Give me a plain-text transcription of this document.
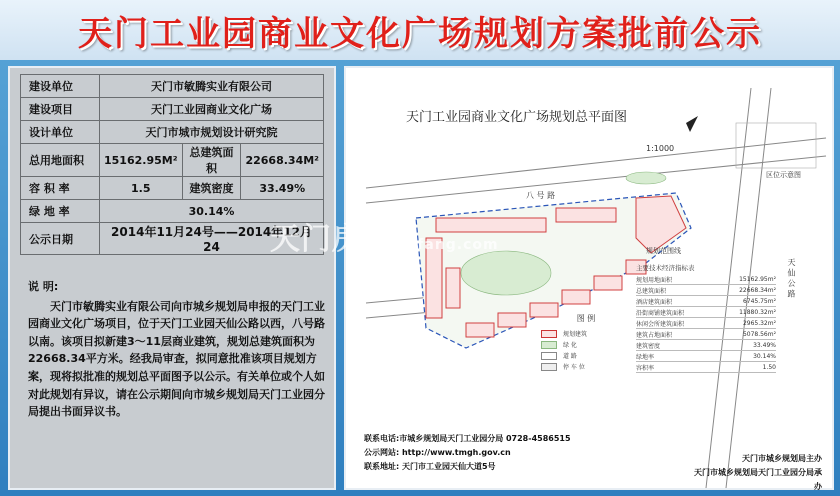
天门工业园商业文化广场规划方案批前公示
建设单位	天门市敏腾实业有限公司		
建设项目	天门工业园商业文化广场		
设计单位	天门市城市规划设计研究院		
总用地面积	15162.95M²	总建筑面积	22668.34M²
容 积 率	1.5	建筑密度	33.49%
绿 地 率	30.14%		
公示日期	2014年11月24号——2014年12月24		
说 明:
天门市敏腾实业有限公司向市城乡规划局申报的天门工业园商业文化广场项目，位于天门工业园天仙公路以西，八号路以南。该项目拟新建3～11层商业建筑，规划总建筑面积为22668.34平方米。经我局审查，拟同意批准该项目规划方案，现将拟批准的规划总平面图予以公示。有关单位或个人如对此规划有异议，请在公示期间向市城乡规划局天门工业园分局提出书面异议书。
天门工业园商业文化广场规划总平面图
1:1000
八 号 路
天 仙 公 路
区位示意图
规划范围线
主要技术经济指标表
规划用地面积	15162.95m²
总建筑面积	22668.34m²
酒店建筑面积	6745.75m²
沿街商铺建筑面积	11880.32m²
休闲会所建筑面积	2965.32m²
建筑占地面积	5078.56m²
建筑密度	33.49%
绿地率	30.14%
容积率	1.50
图 例
规划建筑
绿 化
道 路
停 车 位
联系电话:市城乡规划局天门工业园分局 0728-4586515
公示网站: http://www.tmgh.gov.cn
联系地址: 天门市工业园天仙大道5号
天门市城乡规划局主办
天门市城乡规划局天门工业园分局承办
天门房网tmfang.com
